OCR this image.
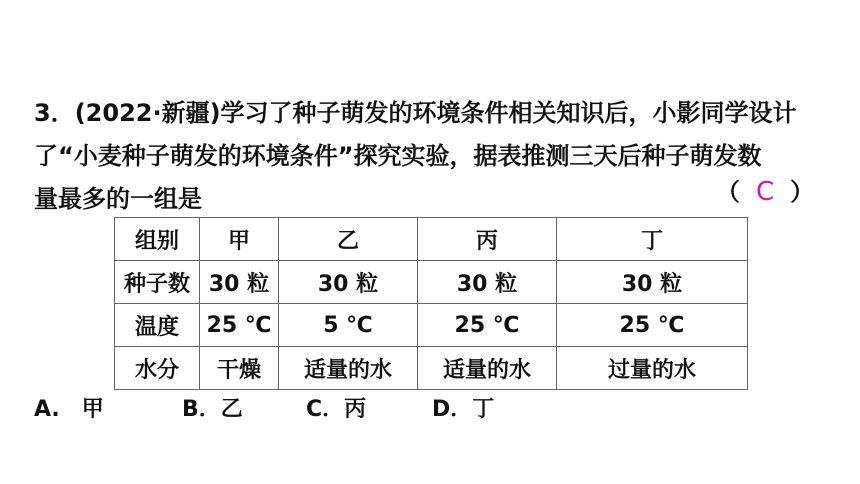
3．(2022·新疆)学习了种子萌发的环境条件相关知识后，小影同学设计
了“小麦种子萌发的环境条件”探究实验，据表推测三天后种子萌发数
量最多的一组是	（ C ）
组别	甲	乙	丙	丁
种子数	30 粒	30 粒	30 粒	30 粒
温度	25 ℃	5 ℃	25 ℃	25 ℃
水分	干燥	适量的水	适量的水	过量的水
A.　甲	B．乙	C．丙	D．丁
